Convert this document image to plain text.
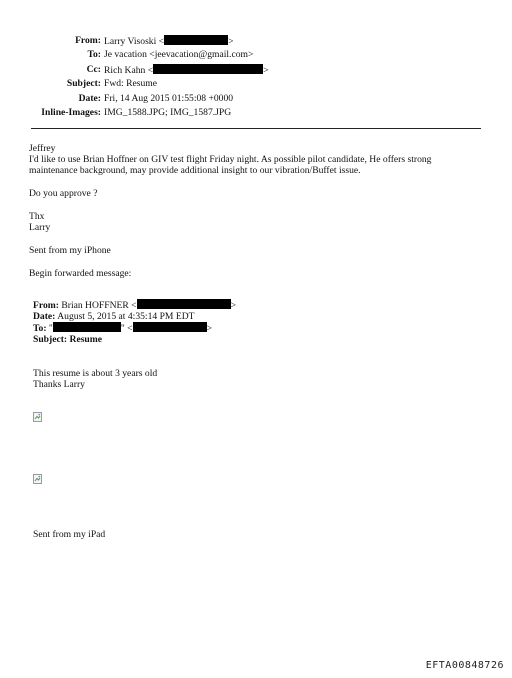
From: Larry Visoski <	>
To: Je vacation <jeevacation@gmail.com>
Cc: Rich Kahn <	>
Subject: Fwd: Resume
Date: Fri, 14 Aug 2015 01:55:08 +0000
Inline-Images: IMG_1588.JPG; IMG_1587.JPG
Jeffrey
I'd like to use Brian Hoffner on GIV test flight Friday night. As possible pilot candidate, He offers strong
maintenance background, may provide additional insight to our vibration/Buffet issue.
Do you approve ?
Thx
Larry
Sent from my iPhone
Begin forwarded message:
From: Brian HOFFNER <	>
Date: August 5, 2015 at 4:35:14 PM EDT
To: "	" <	>
Subject: Resume
This resume is about 3 years old
Thanks Larry
Sent from my iPad
EFTA00848726
